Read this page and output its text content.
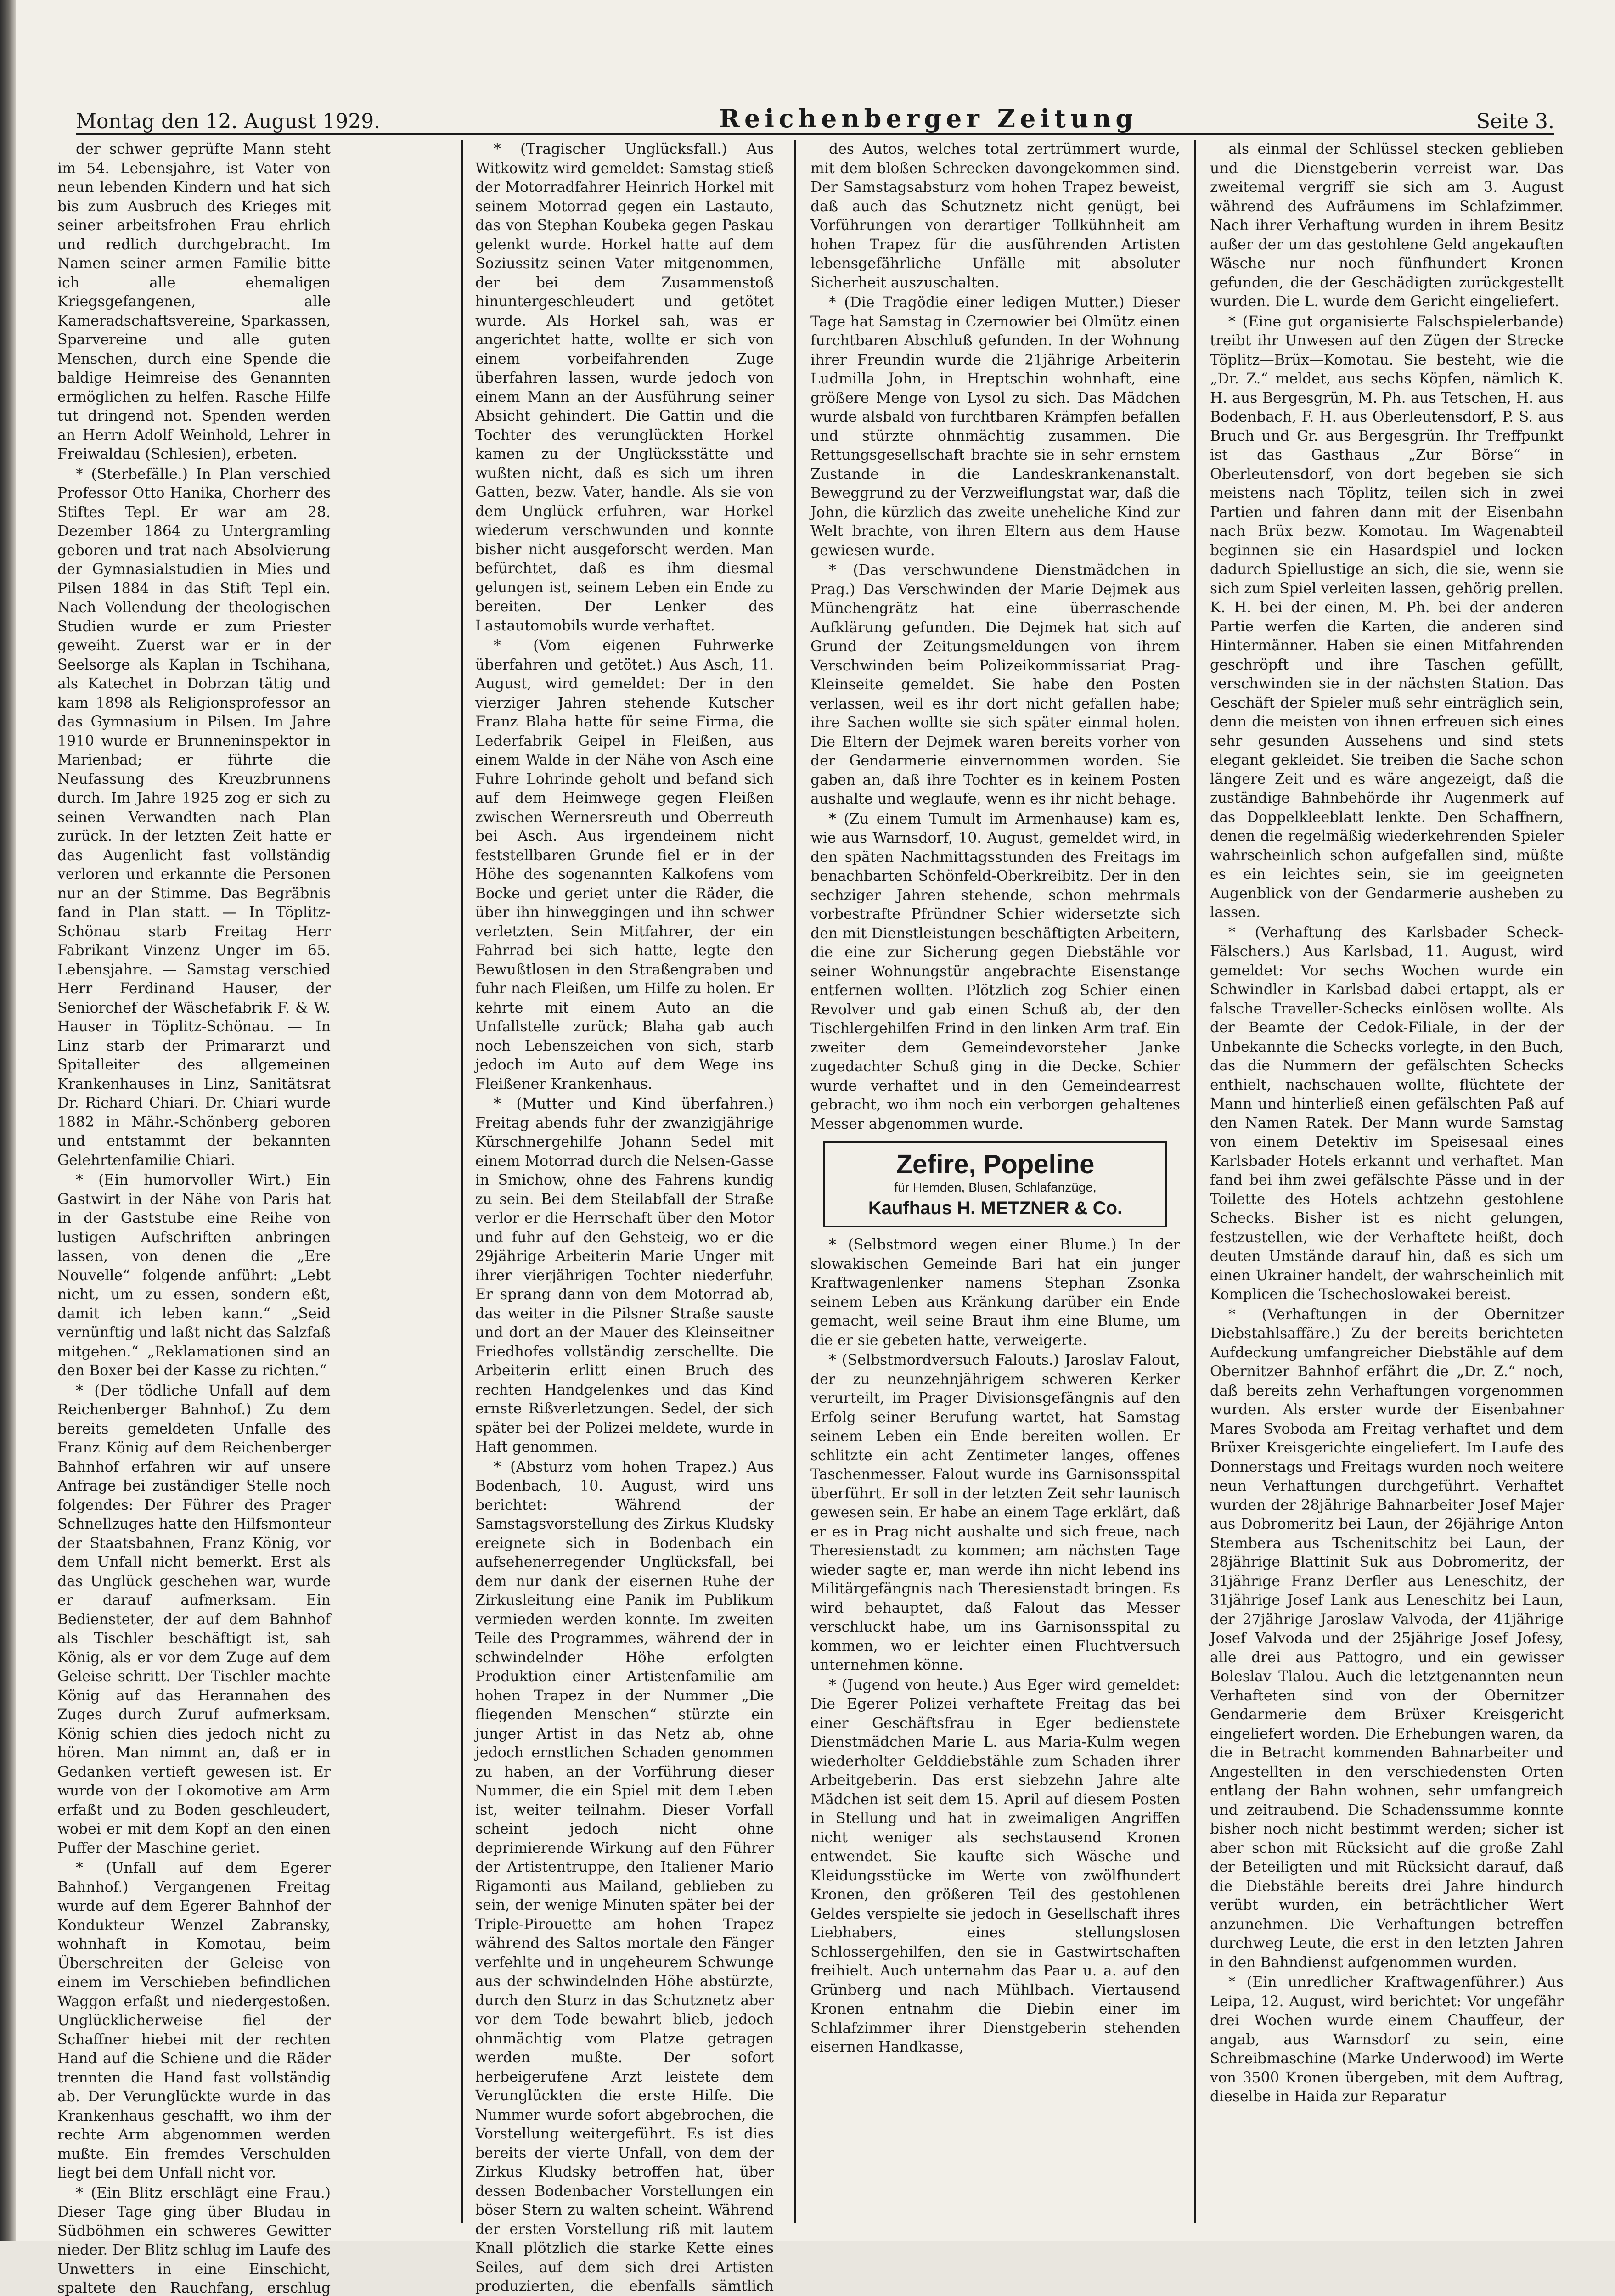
Montag den 12. August 1929.	Reichenberger Zeitung	Seite 3.

der schwer geprüfte Mann steht im 54. Lebensjahre, ist Vater von neun lebenden Kindern und hat sich bis zum Ausbruch des Krieges mit seiner arbeitsfrohen Frau ehrlich und redlich durchgebracht. Im Namen seiner armen Familie bitte ich alle ehemaligen Kriegsgefangenen, alle Kameradschaftsvereine, Sparkassen, Sparvereine und alle guten Menschen, durch eine Spende die baldige Heimreise des Genannten ermöglichen zu helfen. Rasche Hilfe tut dringend not. Spenden werden an Herrn Adolf Weinhold, Lehrer in Freiwaldau (Schlesien), erbeten.

* (Sterbefälle.) In Plan verschied Professor Otto Hanika, Chorherr des Stiftes Tepl. Er war am 28. Dezember 1864 zu Untergramling geboren und trat nach Absolvierung der Gymnasialstudien in Mies und Pilsen 1884 in das Stift Tepl ein. Nach Vollendung der theologischen Studien wurde er zum Priester geweiht. Zuerst war er in der Seelsorge als Kaplan in Tschihana, als Katechet in Dobrzan tätig und kam 1898 als Religionsprofessor an das Gymnasium in Pilsen. Im Jahre 1910 wurde er Brunneninspektor in Marienbad; er führte die Neufassung des Kreuzbrunnens durch. Im Jahre 1925 zog er sich zu seinen Verwandten nach Plan zurück. In der letzten Zeit hatte er das Augenlicht fast vollständig verloren und erkannte die Personen nur an der Stimme. Das Begräbnis fand in Plan statt. — In Töplitz-Schönau starb Freitag Herr Fabrikant Vinzenz Unger im 65. Lebensjahre. — Samstag verschied Herr Ferdinand Hauser, der Seniorchef der Wäschefabrik F. & W. Hauser in Töplitz-Schönau. — In Linz starb der Primararzt und Spitalleiter des allgemeinen Krankenhauses in Linz, Sanitätsrat Dr. Richard Chiari. Dr. Chiari wurde 1882 in Mähr.-Schönberg geboren und entstammt der bekannten Gelehrtenfamilie Chiari.

* (Ein humorvoller Wirt.) Ein Gastwirt in der Nähe von Paris hat in der Gaststube eine Reihe von lustigen Aufschriften anbringen lassen, von denen die „Ere Nouvelle“ folgende anführt: „Lebt nicht, um zu essen, sondern eßt, damit ich leben kann.“ „Seid vernünftig und laßt nicht das Salzfaß mitgehen.“ „Reklamationen sind an den Boxer bei der Kasse zu richten.“

* (Der tödliche Unfall auf dem Reichenberger Bahnhof.) Zu dem bereits gemeldeten Unfalle des Franz König auf dem Reichenberger Bahnhof erfahren wir auf unsere Anfrage bei zuständiger Stelle noch folgendes: Der Führer des Prager Schnellzuges hatte den Hilfsmonteur der Staatsbahnen, Franz König, vor dem Unfall nicht bemerkt. Erst als das Unglück geschehen war, wurde er darauf aufmerksam. Ein Bediensteter, der auf dem Bahnhof als Tischler beschäftigt ist, sah König, als er vor dem Zuge auf dem Geleise schritt. Der Tischler machte König auf das Herannahen des Zuges durch Zuruf aufmerksam. König schien dies jedoch nicht zu hören. Man nimmt an, daß er in Gedanken vertieft gewesen ist. Er wurde von der Lokomotive am Arm erfaßt und zu Boden geschleudert, wobei er mit dem Kopf an den einen Puffer der Maschine geriet.

* (Unfall auf dem Egerer Bahnhof.) Vergangenen Freitag wurde auf dem Egerer Bahnhof der Kondukteur Wenzel Zabransky, wohnhaft in Komotau, beim Überschreiten der Geleise von einem im Verschieben befindlichen Waggon erfaßt und niedergestoßen. Unglücklicherweise fiel der Schaffner hiebei mit der rechten Hand auf die Schiene und die Räder trennten die Hand fast vollständig ab. Der Verunglückte wurde in das Krankenhaus geschafft, wo ihm der rechte Arm abgenommen werden mußte. Ein fremdes Verschulden liegt bei dem Unfall nicht vor.

* (Ein Blitz erschlägt eine Frau.) Dieser Tage ging über Bludau in Südböhmen ein schweres Gewitter nieder. Der Blitz schlug im Laufe des Unwetters in eine Einschicht, spaltete den Rauchfang, erschlug

* (Tragischer Unglücksfall.) Aus Witkowitz wird gemeldet: Samstag stieß der Motorradfahrer Heinrich Horkel mit seinem Motorrad gegen ein Lastauto, das von Stephan Koubeka gegen Paskau gelenkt wurde. Horkel hatte auf dem Soziussitz seinen Vater mitgenommen, der bei dem Zusammenstoß hinuntergeschleudert und getötet wurde. Als Horkel sah, was er angerichtet hatte, wollte er sich von einem vorbeifahrenden Zuge überfahren lassen, wurde jedoch von einem Mann an der Ausführung seiner Absicht gehindert. Die Gattin und die Tochter des verunglückten Horkel kamen zu der Unglücksstätte und wußten nicht, daß es sich um ihren Gatten, bezw. Vater, handle. Als sie von dem Unglück erfuhren, war Horkel wiederum verschwunden und konnte bisher nicht ausgeforscht werden. Man befürchtet, daß es ihm diesmal gelungen ist, seinem Leben ein Ende zu bereiten. Der Lenker des Lastautomobils wurde verhaftet.

* (Vom eigenen Fuhrwerke überfahren und getötet.) Aus Asch, 11. August, wird gemeldet: Der in den vierziger Jahren stehende Kutscher Franz Blaha hatte für seine Firma, die Lederfabrik Geipel in Fleißen, aus einem Walde in der Nähe von Asch eine Fuhre Lohrinde geholt und befand sich auf dem Heimwege gegen Fleißen zwischen Wernersreuth und Oberreuth bei Asch. Aus irgendeinem nicht feststellbaren Grunde fiel er in der Höhe des sogenannten Kalkofens vom Bocke und geriet unter die Räder, die über ihn hinweggingen und ihn schwer verletzten. Sein Mitfahrer, der ein Fahrrad bei sich hatte, legte den Bewußtlosen in den Straßengraben und fuhr nach Fleißen, um Hilfe zu holen. Er kehrte mit einem Auto an die Unfallstelle zurück; Blaha gab auch noch Lebenszeichen von sich, starb jedoch im Auto auf dem Wege ins Fleißener Krankenhaus.

* (Mutter und Kind überfahren.) Freitag abends fuhr der zwanzigjährige Kürschnergehilfe Johann Sedel mit einem Motorrad durch die Nelsen-Gasse in Smichow, ohne des Fahrens kundig zu sein. Bei dem Steilabfall der Straße verlor er die Herrschaft über den Motor und fuhr auf den Gehsteig, wo er die 29jährige Arbeiterin Marie Unger mit ihrer vierjährigen Tochter niederfuhr. Er sprang dann von dem Motorrad ab, das weiter in die Pilsner Straße sauste und dort an der Mauer des Kleinseitner Friedhofes vollständig zerschellte. Die Arbeiterin erlitt einen Bruch des rechten Handgelenkes und das Kind ernste Rißverletzungen. Sedel, der sich später bei der Polizei meldete, wurde in Haft genommen.

* (Absturz vom hohen Trapez.) Aus Bodenbach, 10. August, wird uns berichtet: Während der Samstagsvorstellung des Zirkus Kludsky ereignete sich in Bodenbach ein aufsehenerregender Unglücksfall, bei dem nur dank der eisernen Ruhe der Zirkusleitung eine Panik im Publikum vermieden werden konnte. Im zweiten Teile des Programmes, während der in schwindelnder Höhe erfolgten Produktion einer Artistenfamilie am hohen Trapez in der Nummer „Die fliegenden Menschen“ stürzte ein junger Artist in das Netz ab, ohne jedoch ernstlichen Schaden genommen zu haben, an der Vorführung dieser Nummer, die ein Spiel mit dem Leben ist, weiter teilnahm. Dieser Vorfall scheint jedoch nicht ohne deprimierende Wirkung auf den Führer der Artistentruppe, den Italiener Mario Rigamonti aus Mailand, geblieben zu sein, der wenige Minuten später bei der Triple-Pirouette am hohen Trapez während des Saltos mortale den Fänger verfehlte und in ungeheurem Schwunge aus der schwindelnden Höhe abstürzte, durch den Sturz in das Schutznetz aber vor dem Tode bewahrt blieb, jedoch ohnmächtig vom Platze getragen werden mußte. Der sofort herbeigerufene Arzt leistete dem Verunglückten die erste Hilfe. Die Nummer wurde sofort abgebrochen, die Vorstellung weitergeführt. Es ist dies bereits der vierte Unfall, von dem der Zirkus Kludsky betroffen hat, über dessen Bodenbacher Vorstellungen ein böser Stern zu walten scheint. Während der ersten Vorstellung riß mit lautem Knall plötzlich die starke Kette eines Seiles, auf dem sich drei Artisten produzierten, die ebenfalls sämtlich

des Autos, welches total zertrümmert wurde, mit dem bloßen Schrecken davongekommen sind. Der Samstagsabsturz vom hohen Trapez beweist, daß auch das Schutznetz nicht genügt, bei Vorführungen von derartiger Tollkühnheit am hohen Trapez für die ausführenden Artisten lebensgefährliche Unfälle mit absoluter Sicherheit auszuschalten.

* (Die Tragödie einer ledigen Mutter.) Dieser Tage hat Samstag in Czernowier bei Olmütz einen furchtbaren Abschluß gefunden. In der Wohnung ihrer Freundin wurde die 21jährige Arbeiterin Ludmilla John, in Hreptschin wohnhaft, eine größere Menge von Lysol zu sich. Das Mädchen wurde alsbald von furchtbaren Krämpfen befallen und stürzte ohnmächtig zusammen. Die Rettungsgesellschaft brachte sie in sehr ernstem Zustande in die Landeskrankenanstalt. Beweggrund zu der Verzweiflungstat war, daß die John, die kürzlich das zweite uneheliche Kind zur Welt brachte, von ihren Eltern aus dem Hause gewiesen wurde.

* (Das verschwundene Dienstmädchen in Prag.) Das Verschwinden der Marie Dejmek aus Münchengrätz hat eine überraschende Aufklärung gefunden. Die Dejmek hat sich auf Grund der Zeitungsmeldungen von ihrem Verschwinden beim Polizeikommissariat Prag-Kleinseite gemeldet. Sie habe den Posten verlassen, weil es ihr dort nicht gefallen habe; ihre Sachen wollte sie sich später einmal holen. Die Eltern der Dejmek waren bereits vorher von der Gendarmerie einvernommen worden. Sie gaben an, daß ihre Tochter es in keinem Posten aushalte und weglaufe, wenn es ihr nicht behage.

* (Zu einem Tumult im Armenhause) kam es, wie aus Warnsdorf, 10. August, gemeldet wird, in den späten Nachmittagsstunden des Freitags im benachbarten Schönfeld-Oberkreibitz. Der in den sechziger Jahren stehende, schon mehrmals vorbestrafte Pfründner Schier widersetzte sich den mit Dienstleistungen beschäftigten Arbeitern, die eine zur Sicherung gegen Diebstähle vor seiner Wohnungstür angebrachte Eisenstange entfernen wollten. Plötzlich zog Schier einen Revolver und gab einen Schuß ab, der den Tischlergehilfen Frind in den linken Arm traf. Ein zweiter dem Gemeindevorsteher Janke zugedachter Schuß ging in die Decke. Schier wurde verhaftet und in den Gemeindearrest gebracht, wo ihm noch ein verborgen gehaltenes Messer abgenommen wurde.

Zefire, Popeline
für Hemden, Blusen, Schlafanzüge,
Kaufhaus H. METZNER & Co.

* (Selbstmord wegen einer Blume.) In der slowakischen Gemeinde Bari hat ein junger Kraftwagenlenker namens Stephan Zsonka seinem Leben aus Kränkung darüber ein Ende gemacht, weil seine Braut ihm eine Blume, um die er sie gebeten hatte, verweigerte.

* (Selbstmordversuch Falouts.) Jaroslav Falout, der zu neunzehnjährigem schweren Kerker verurteilt, im Prager Divisionsgefängnis auf den Erfolg seiner Berufung wartet, hat Samstag seinem Leben ein Ende bereiten wollen. Er schlitzte ein acht Zentimeter langes, offenes Taschenmesser. Falout wurde ins Garnisonsspital überführt. Er soll in der letzten Zeit sehr launisch gewesen sein. Er habe an einem Tage erklärt, daß er es in Prag nicht aushalte und sich freue, nach Theresienstadt zu kommen; am nächsten Tage wieder sagte er, man werde ihn nicht lebend ins Militärgefängnis nach Theresienstadt bringen. Es wird behauptet, daß Falout das Messer verschluckt habe, um ins Garnisonsspital zu kommen, wo er leichter einen Fluchtversuch unternehmen könne.

* (Jugend von heute.) Aus Eger wird gemeldet: Die Egerer Polizei verhaftete Freitag das bei einer Geschäftsfrau in Eger bedienstete Dienstmädchen Marie L. aus Maria-Kulm wegen wiederholter Gelddiebstähle zum Schaden ihrer Arbeitgeberin. Das erst siebzehn Jahre alte Mädchen ist seit dem 15. April auf diesem Posten in Stellung und hat in zweimaligen Angriffen nicht weniger als sechstausend Kronen entwendet. Sie kaufte sich Wäsche und Kleidungsstücke im Werte von zwölfhundert Kronen, den größeren Teil des gestohlenen Geldes verspielte sie jedoch in Gesellschaft ihres Liebhabers, eines stellungslosen Schlossergehilfen, den sie in Gastwirtschaften freihielt. Auch unternahm das Paar u. a. auf den Grünberg und nach Mühlbach. Viertausend Kronen entnahm die Diebin einer im Schlafzimmer ihrer Dienstgeberin stehenden eisernen Handkasse,

als einmal der Schlüssel stecken geblieben und die Dienstgeberin verreist war. Das zweitemal vergriff sie sich am 3. August während des Aufräumens im Schlafzimmer. Nach ihrer Verhaftung wurden in ihrem Besitz außer der um das gestohlene Geld angekauften Wäsche nur noch fünfhundert Kronen gefunden, die der Geschädigten zurückgestellt wurden. Die L. wurde dem Gericht eingeliefert.

* (Eine gut organisierte Falschspielerbande) treibt ihr Unwesen auf den Zügen der Strecke Töplitz—Brüx—Komotau. Sie besteht, wie die „Dr. Z.“ meldet, aus sechs Köpfen, nämlich K. H. aus Bergesgrün, M. Ph. aus Tetschen, H. aus Bodenbach, F. H. aus Oberleutensdorf, P. S. aus Bruch und Gr. aus Bergesgrün. Ihr Treffpunkt ist das Gasthaus „Zur Börse“ in Oberleutensdorf, von dort begeben sie sich meistens nach Töplitz, teilen sich in zwei Partien und fahren dann mit der Eisenbahn nach Brüx bezw. Komotau. Im Wagenabteil beginnen sie ein Hasardspiel und locken dadurch Spiellustige an sich, die sie, wenn sie sich zum Spiel verleiten lassen, gehörig prellen. K. H. bei der einen, M. Ph. bei der anderen Partie werfen die Karten, die anderen sind Hintermänner. Haben sie einen Mitfahrenden geschröpft und ihre Taschen gefüllt, verschwinden sie in der nächsten Station. Das Geschäft der Spieler muß sehr einträglich sein, denn die meisten von ihnen erfreuen sich eines sehr gesunden Aussehens und sind stets elegant gekleidet. Sie treiben die Sache schon längere Zeit und es wäre angezeigt, daß die zuständige Bahnbehörde ihr Augenmerk auf das Doppelkleeblatt lenkte. Den Schaffnern, denen die regelmäßig wiederkehrenden Spieler wahrscheinlich schon aufgefallen sind, müßte es ein leichtes sein, sie im geeigneten Augenblick von der Gendarmerie ausheben zu lassen.

* (Verhaftung des Karlsbader Scheck-Fälschers.) Aus Karlsbad, 11. August, wird gemeldet: Vor sechs Wochen wurde ein Schwindler in Karlsbad dabei ertappt, als er falsche Traveller-Schecks einlösen wollte. Als der Beamte der Cedok-Filiale, in der der Unbekannte die Schecks vorlegte, in den Buch, das die Nummern der gefälschten Schecks enthielt, nachschauen wollte, flüchtete der Mann und hinterließ einen gefälschten Paß auf den Namen Ratek. Der Mann wurde Samstag von einem Detektiv im Speisesaal eines Karlsbader Hotels erkannt und verhaftet. Man fand bei ihm zwei gefälschte Pässe und in der Toilette des Hotels achtzehn gestohlene Schecks. Bisher ist es nicht gelungen, festzustellen, wie der Verhaftete heißt, doch deuten Umstände darauf hin, daß es sich um einen Ukrainer handelt, der wahrscheinlich mit Komplicen die Tschechoslowakei bereist.

* (Verhaftungen in der Obernitzer Diebstahlsaffäre.) Zu der bereits berichteten Aufdeckung umfangreicher Diebstähle auf dem Obernitzer Bahnhof erfährt die „Dr. Z.“ noch, daß bereits zehn Verhaftungen vorgenommen wurden. Als erster wurde der Eisenbahner Mares Svoboda am Freitag verhaftet und dem Brüxer Kreisgerichte eingeliefert. Im Laufe des Donnerstags und Freitags wurden noch weitere neun Verhaftungen durchgeführt. Verhaftet wurden der 28jährige Bahnarbeiter Josef Majer aus Dobromeritz bei Laun, der 26jährige Anton Stembera aus Tschenitschitz bei Laun, der 28jährige Blattinit Suk aus Dobromeritz, der 31jährige Franz Derfler aus Leneschitz, der 31jährige Josef Lank aus Leneschitz bei Laun, der 27jährige Jaroslaw Valvoda, der 41jährige Josef Valvoda und der 25jährige Josef Jofesy, alle drei aus Pattogro, und ein gewisser Boleslav Tlalou. Auch die letztgenannten neun Verhafteten sind von der Obernitzer Gendarmerie dem Brüxer Kreisgericht eingeliefert worden. Die Erhebungen waren, da die in Betracht kommenden Bahnarbeiter und Angestellten in den verschiedensten Orten entlang der Bahn wohnen, sehr umfangreich und zeitraubend. Die Schadenssumme konnte bisher noch nicht bestimmt werden; sicher ist aber schon mit Rücksicht auf die große Zahl der Beteiligten und mit Rücksicht darauf, daß die Diebstähle bereits drei Jahre hindurch verübt wurden, ein beträchtlicher Wert anzunehmen. Die Verhaftungen betreffen durchweg Leute, die erst in den letzten Jahren in den Bahndienst aufgenommen wurden.

* (Ein unredlicher Kraftwagenführer.) Aus Leipa, 12. August, wird berichtet: Vor ungefähr drei Wochen wurde einem Chauffeur, der angab, aus Warnsdorf zu sein, eine Schreibmaschine (Marke Underwood) im Werte von 3500 Kronen übergeben, mit dem Auftrag, dieselbe in Haida zur Reparatur
